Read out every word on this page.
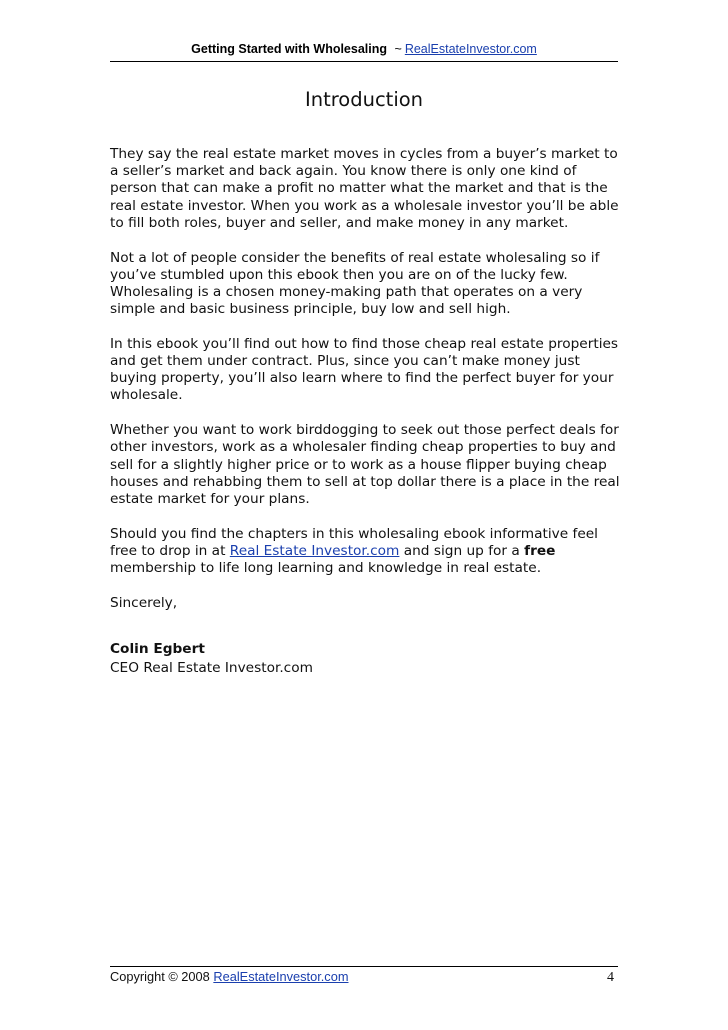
Getting Started with Wholesaling ~ RealEstateInvestor.com
Introduction

They say the real estate market moves in cycles from a buyer’s market to a seller’s market and back again. You know there is only one kind of person that can make a profit no matter what the market and that is the real estate investor. When you work as a wholesale investor you’ll be able to fill both roles, buyer and seller, and make money in any market.

Not a lot of people consider the benefits of real estate wholesaling so if you’ve stumbled upon this ebook then you are on of the lucky few. Wholesaling is a chosen money-making path that operates on a very simple and basic business principle, buy low and sell high.

In this ebook you’ll find out how to find those cheap real estate properties and get them under contract. Plus, since you can’t make money just buying property, you’ll also learn where to find the perfect buyer for your wholesale.

Whether you want to work birddogging to seek out those perfect deals for other investors, work as a wholesaler finding cheap properties to buy and sell for a slightly higher price or to work as a house flipper buying cheap houses and rehabbing them to sell at top dollar there is a place in the real estate market for your plans.

Should you find the chapters in this wholesaling ebook informative feel free to drop in at Real Estate Investor.com and sign up for a free membership to life long learning and knowledge in real estate.

Sincerely,

Colin Egbert
CEO Real Estate Investor.com
Copyright © 2008 RealEstateInvestor.com	4
